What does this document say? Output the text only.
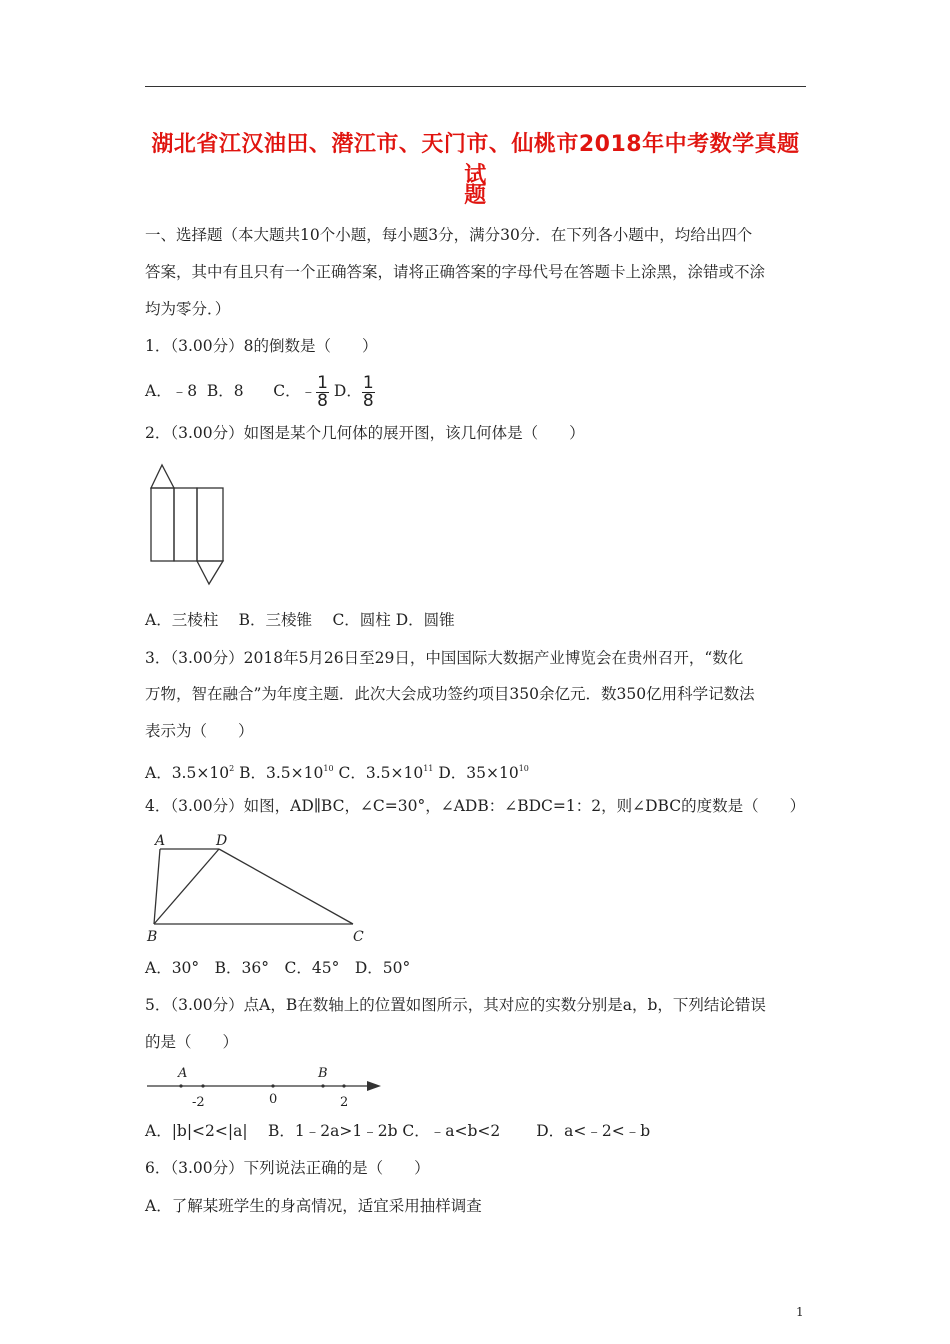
湖北省江汉油田、潜江市、天门市、仙桃市2018年中考数学真题试
题
一、选择题（本大题共10个小题，每小题3分，满分30分．在下列各小题中，均给出四个
答案，其中有且只有一个正确答案，请将正确答案的字母代号在答题卡上涂黑，涂错或不涂
均为零分．）
1．（3.00分）8的倒数是（　　）
A．﹣8 B．8 C．﹣ $\frac{1}{8}$ D． $\frac{1}{8}$
2．（3.00分）如图是某个几何体的展开图，该几何体是（　　）
A．三棱柱　 B．三棱锥　 C．圆柱 D．圆锥
3．（3.00分）2018年5月26日至29日，中国国际大数据产业博览会在贵州召开，“数化
万物，智在融合”为年度主题．此次大会成功签约项目350余亿元．数350亿用科学记数法
表示为（　　）
A．$3.5\times 10^2$ B．$3.5\times 10^{10}$ C．$3.5\times 10^{11}$ D．$35\times 10^{10}$
4．（3.00分）如图，AD∥BC，∠C=30°，∠ADB：∠BDC=1：2，则∠DBC的度数是（　　）
A	D
B	C
A．30°　B．36°　C．45°　D．50°
5．（3.00分）点A，B在数轴上的位置如图所示，其对应的实数分别是a，b，下列结论错误
的是（　　）
A	B
-2	0	2
A．|b|<2<|a|　 B．1﹣2a>1﹣2b C．﹣a<b<2　　 D．a<﹣2<﹣b
6．（3.00分）下列说法正确的是（　　）
A．了解某班学生的身高情况，适宜采用抽样调查
1
